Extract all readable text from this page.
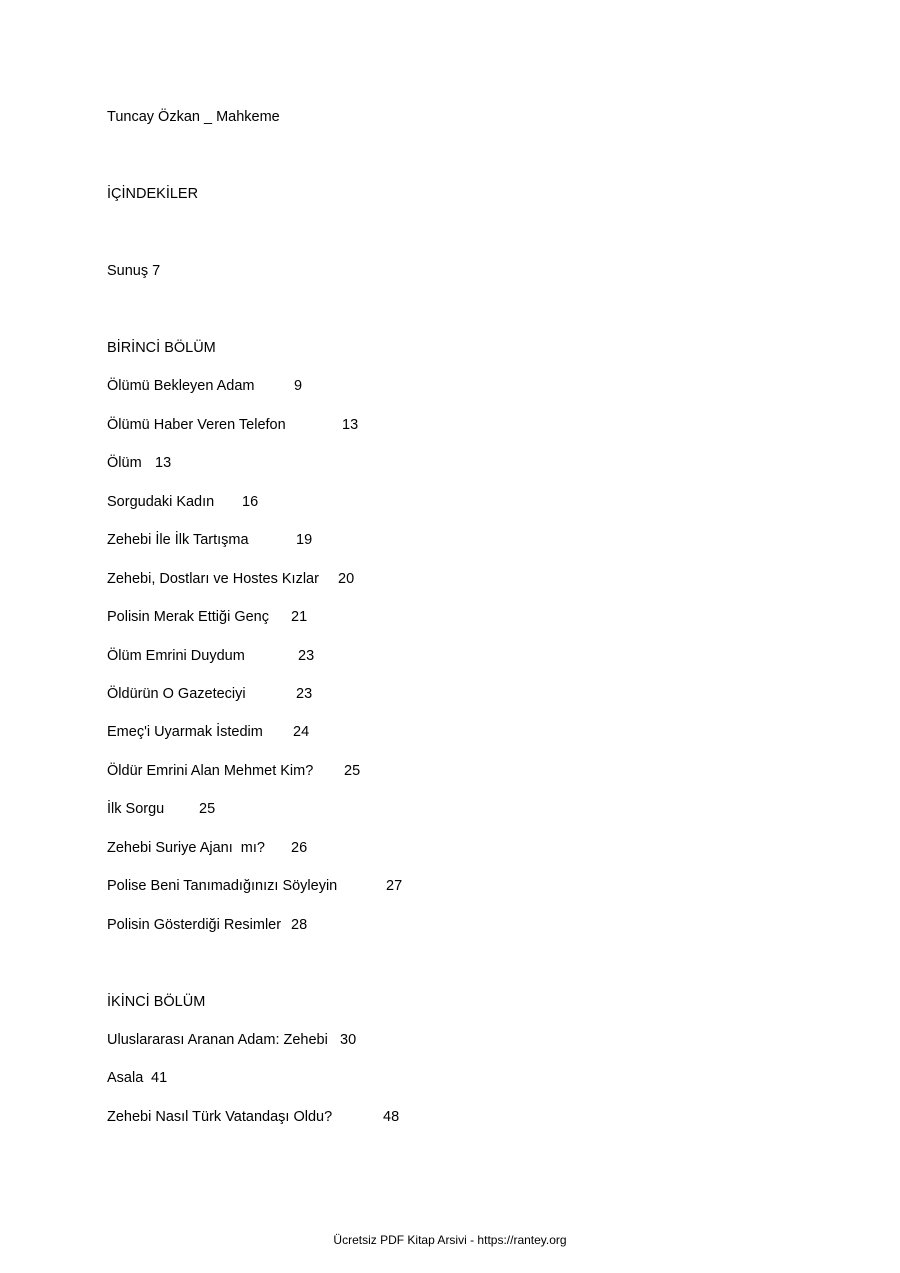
Tuncay Özkan _ Mahkeme
İÇİNDEKİLER
Sunuş 7
BİRİNCİ BÖLÜM
Ölümü Bekleyen Adam	9
Ölümü Haber Veren Telefon	13
Ölüm 13
Sorgudaki Kadın 16
Zehebi İle İlk Tartışma	19
Zehebi, Dostları ve Hostes Kızlar 20
Polisin Merak Ettiği Genç 21
Ölüm Emrini Duydum	23
Öldürün O Gazeteciyi	23
Emeç'i Uyarmak İstedim 24
Öldür Emrini Alan Mehmet Kim? 25
İlk Sorgu 25
Zehebi Suriye Ajanı  mı? 26
Polise Beni Tanımadığınızı Söyleyin	27
Polisin Gösterdiği Resimler 28
İKİNCİ BÖLÜM
Uluslararası Aranan Adam: Zehebi 30
Asala 41
Zehebi Nasıl Türk Vatandaşı Oldu?	48
Ücretsiz PDF Kitap Arsivi - https://rantey.org
